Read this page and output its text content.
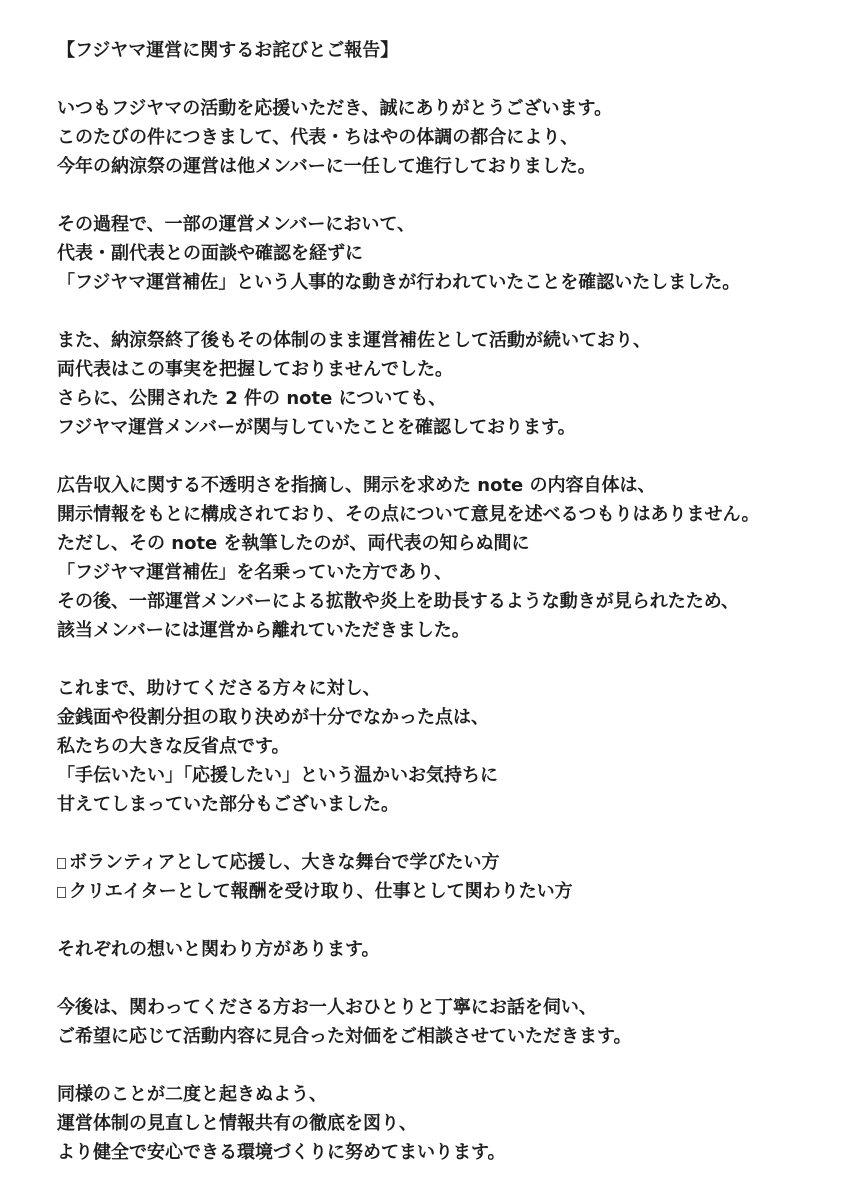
【フジヤマ運営に関するお詫びとご報告】
いつもフジヤマの活動を応援いただき、誠にありがとうございます。
このたびの件につきまして、代表・ちはやの体調の都合により、
今年の納涼祭の運営は他メンバーに一任して進行しておりました。
その過程で、一部の運営メンバーにおいて、
代表・副代表との面談や確認を経ずに
「フジヤマ運営補佐」という人事的な動きが行われていたことを確認いたしました。
また、納涼祭終了後もその体制のまま運営補佐として活動が続いており、
両代表はこの事実を把握しておりませんでした。
さらに、公開された 2 件の note についても、
フジヤマ運営メンバーが関与していたことを確認しております。
広告収入に関する不透明さを指摘し、開示を求めた note の内容自体は、
開示情報をもとに構成されており、その点について意見を述べるつもりはありません。
ただし、その note を執筆したのが、両代表の知らぬ間に
「フジヤマ運営補佐」を名乗っていた方であり、
その後、一部運営メンバーによる拡散や炎上を助長するような動きが見られたため、
該当メンバーには運営から離れていただきました。
これまで、助けてくださる方々に対し、
金銭面や役割分担の取り決めが十分でなかった点は、
私たちの大きな反省点です。
「手伝いたい」「応援したい」という温かいお気持ちに
甘えてしまっていた部分もございました。
ボランティアとして応援し、大きな舞台で学びたい方
クリエイターとして報酬を受け取り、仕事として関わりたい方
それぞれの想いと関わり方があります。
今後は、関わってくださる方お一人おひとりと丁寧にお話を伺い、
ご希望に応じて活動内容に見合った対価をご相談させていただきます。
同様のことが二度と起きぬよう、
運営体制の見直しと情報共有の徹底を図り、
より健全で安心できる環境づくりに努めてまいります。
